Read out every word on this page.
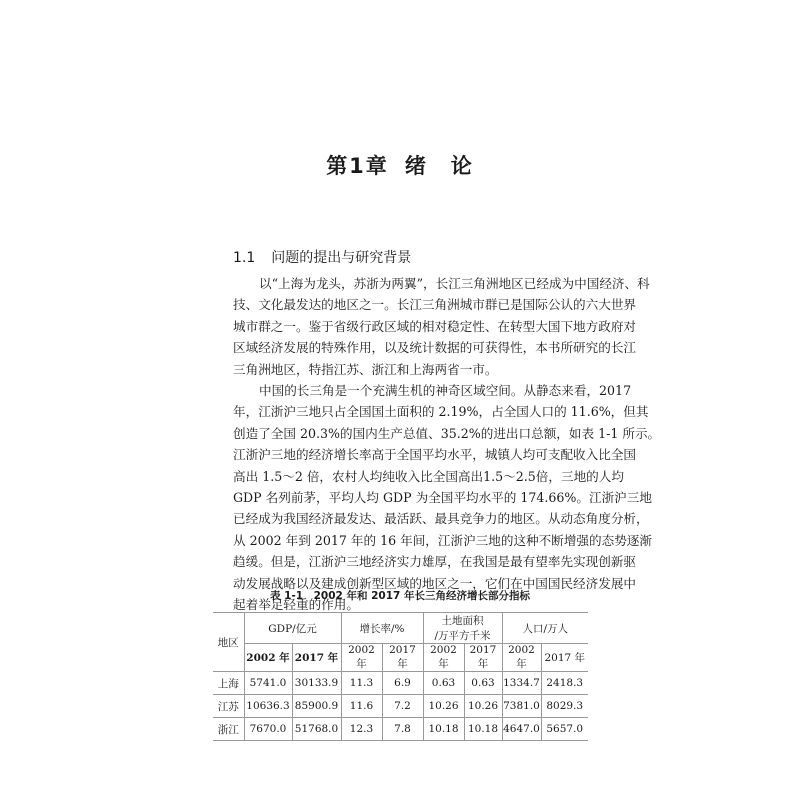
第1章 绪　论
1.1 问题的提出与研究背景
以“上海为龙头，苏浙为两翼”，长江三角洲地区已经成为中国经济、科
技、文化最发达的地区之一。长江三角洲城市群已是国际公认的六大世界
城市群之一。鉴于省级行政区域的相对稳定性、在转型大国下地方政府对
区域经济发展的特殊作用，以及统计数据的可获得性，本书所研究的长江
三角洲地区，特指江苏、浙江和上海两省一市。
中国的长三角是一个充满生机的神奇区域空间。从静态来看，2017
年，江浙沪三地只占全国国土面积的 2.19%，占全国人口的 11.6%，但其
创造了全国 20.3%的国内生产总值、35.2%的进出口总额，如表 1-1 所示。
江浙沪三地的经济增长率高于全国平均水平，城镇人均可支配收入比全国
高出 1.5～2 倍，农村人均纯收入比全国高出1.5～2.5倍，三地的人均
GDP 名列前茅，平均人均 GDP 为全国平均水平的 174.66%。江浙沪三地
已经成为我国经济最发达、最活跃、最具竞争力的地区。从动态角度分析，
从 2002 年到 2017 年的 16 年间，江浙沪三地的这种不断增强的态势逐渐
趋缓。但是，江浙沪三地经济实力雄厚，在我国是最有望率先实现创新驱
动发展战略以及建成创新型区域的地区之一，它们在中国国民经济发展中
起着举足轻重的作用。
表 1-1　2002 年和 2017 年长三角经济增长部分指标
地区	GDP/亿元		增长率/%		土地面积
/万平方千米		人口/万人	
	2002 年	2017 年	2002 年	2017 年	2002 年	2017 年	2002 年	2017 年
上海	5741.0	30133.9	11.3	6.9	0.63	0.63	1334.7	2418.3
江苏	10636.3	85900.9	11.6	7.2	10.26	10.26	7381.0	8029.3
浙江	7670.0	51768.0	12.3	7.8	10.18	10.18	4647.0	5657.0
